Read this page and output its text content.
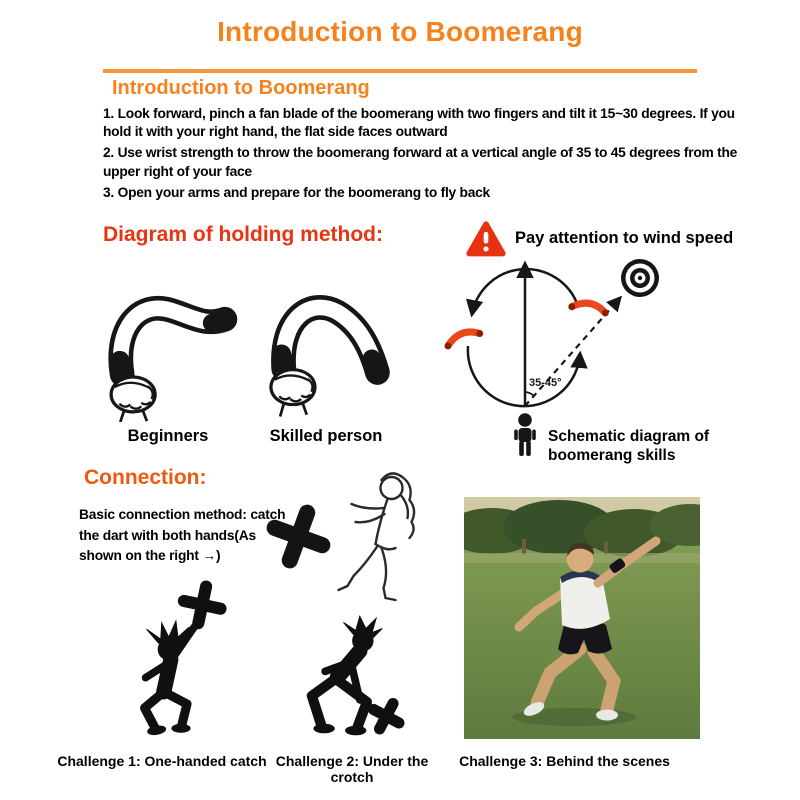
Introduction to Boomerang
Introduction to Boomerang

1. Look forward, pinch a fan blade of the boomerang with two fingers and tilt it 15~30 degrees. If you hold it with your right hand, the flat side faces outward

2. Use wrist strength to throw the boomerang forward at a vertical angle of 35 to 45 degrees from the upper right of your face

3. Open your arms and prepare for the boomerang to fly back

Diagram of holding method:	Pay attention to wind speed
Beginners	Skilled person
35-45°
Schematic diagram of boomerang skills
Connection:

Basic connection method: catch the dart with both hands(As shown on the right →)

Challenge 1: One-handed catch Challenge 2: Under the crotch
Challenge 3: Behind the scenes
